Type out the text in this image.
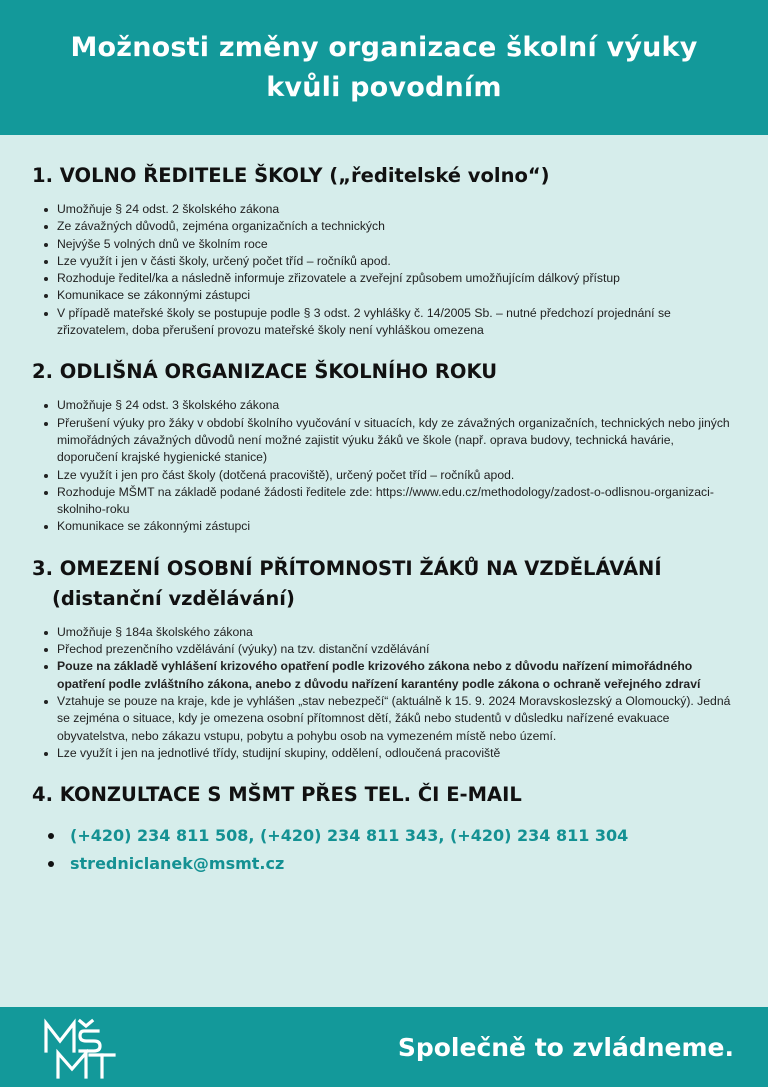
Možnosti změny organizace školní výuky
kvůli povodním
1. VOLNO ŘEDITELE ŠKOLY („ředitelské volno“)
Umožňuje § 24 odst. 2 školského zákona
Ze závažných důvodů, zejména organizačních a technických
Nejvýše 5 volných dnů ve školním roce
Lze využít i jen v části školy, určený počet tříd – ročníků apod.
Rozhoduje ředitel/ka a následně informuje zřizovatele a zveřejní způsobem umožňujícím dálkový přístup
Komunikace se zákonnými zástupci
V případě mateřské školy se postupuje podle § 3 odst. 2 vyhlášky č. 14/2005 Sb. – nutné předchozí projednání se zřizovatelem, doba přerušení provozu mateřské školy není vyhláškou omezena
2. ODLIŠNÁ ORGANIZACE ŠKOLNÍHO ROKU
Umožňuje § 24 odst. 3 školského zákona
Přerušení výuky pro žáky v období školního vyučování v situacích, kdy ze závažných organizačních, technických nebo jiných mimořádných závažných důvodů není možné zajistit výuku žáků ve škole (např. oprava budovy, technická havárie, doporučení krajské hygienické stanice)
Lze využít i jen pro část školy (dotčená pracoviště), určený počet tříd – ročníků apod.
Rozhoduje MŠMT na základě podané žádosti ředitele zde: https://www.edu.cz/methodology/zadost-o-odlisnou-organizaci-skolniho-roku
Komunikace se zákonnými zástupci
3. OMEZENÍ OSOBNÍ PŘÍTOMNOSTI ŽÁKŮ NA VZDĚLÁVÁNÍ
(distanční vzdělávání)
Umožňuje § 184a školského zákona
Přechod prezenčního vzdělávání (výuky) na tzv. distanční vzdělávání
Pouze na základě vyhlášení krizového opatření podle krizového zákona nebo z důvodu nařízení mimořádného opatření podle zvláštního zákona, anebo z důvodu nařízení karantény podle zákona o ochraně veřejného zdraví
Vztahuje se pouze na kraje, kde je vyhlášen „stav nebezpečí“ (aktuálně k 15. 9. 2024 Moravskoslezský a Olomoucký). Jedná se zejména o situace, kdy je omezena osobní přítomnost dětí, žáků nebo studentů v důsledku nařízené evakuace obyvatelstva, nebo zákazu vstupu, pobytu a pohybu osob na vymezeném místě nebo území.
Lze využít i jen na jednotlivé třídy, studijní skupiny, oddělení, odloučená pracoviště
4. KONZULTACE S MŠMT PŘES TEL. ČI E-MAIL
(+420) 234 811 508, (+420) 234 811 343, (+420) 234 811 304
stredniclanek@msmt.cz
Společně to zvládneme.
